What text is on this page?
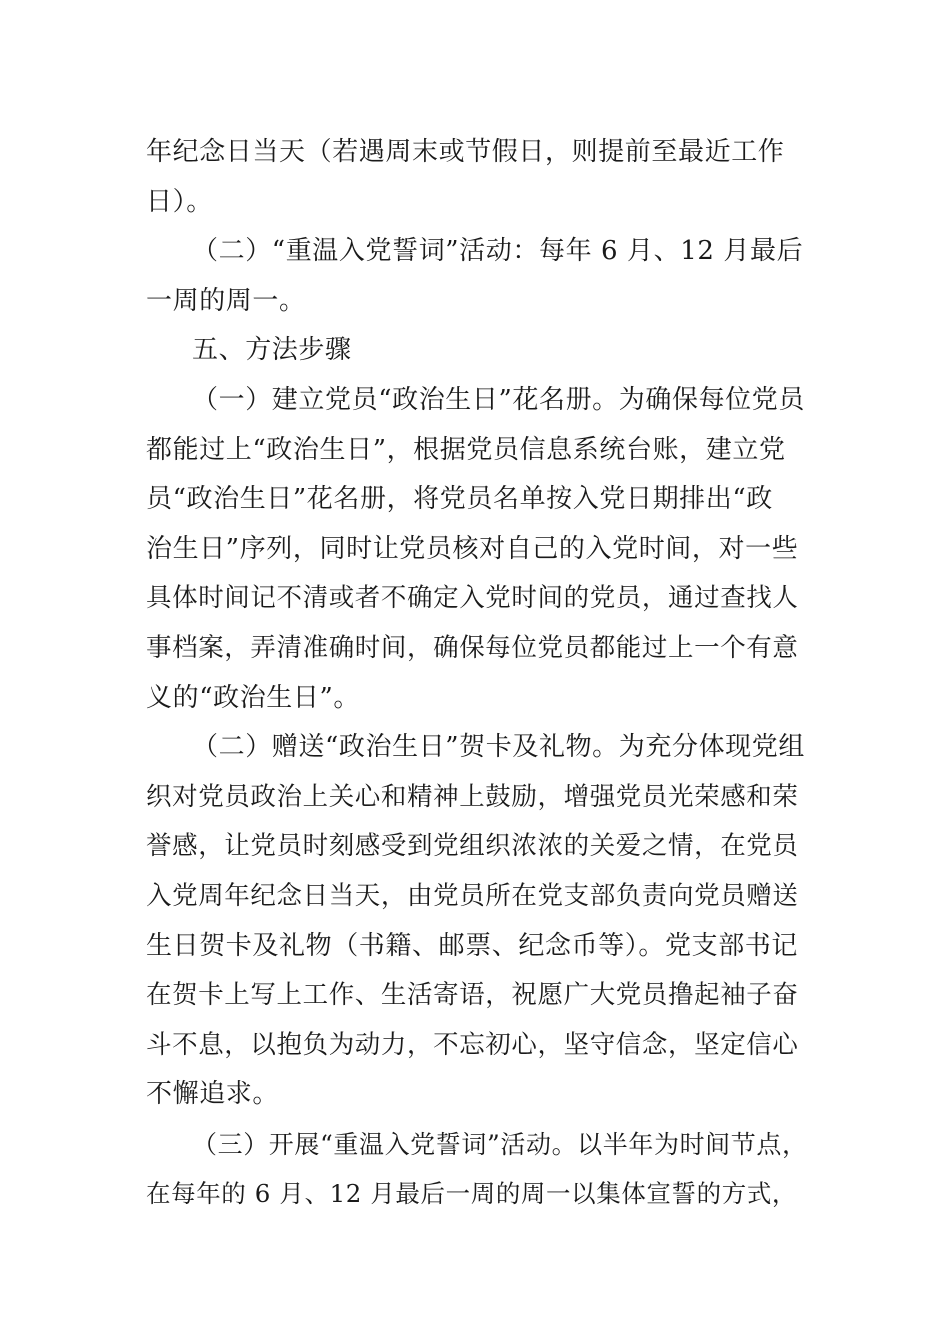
年纪念日当天（若遇周末或节假日，则提前至最近工作
日）。
（二）“重温入党誓词”活动：每年 6 月、12 月最后
一周的周一。
五、方法步骤
（一）建立党员“政治生日”花名册。为确保每位党员
都能过上“政治生日”，根据党员信息系统台账，建立党
员“政治生日”花名册，将党员名单按入党日期排出“政
治生日”序列，同时让党员核对自己的入党时间，对一些
具体时间记不清或者不确定入党时间的党员，通过查找人
事档案，弄清准确时间，确保每位党员都能过上一个有意
义的“政治生日”。
（二）赠送“政治生日”贺卡及礼物。为充分体现党组
织对党员政治上关心和精神上鼓励，增强党员光荣感和荣
誉感，让党员时刻感受到党组织浓浓的关爱之情，在党员
入党周年纪念日当天，由党员所在党支部负责向党员赠送
生日贺卡及礼物（书籍、邮票、纪念币等）。党支部书记
在贺卡上写上工作、生活寄语，祝愿广大党员撸起袖子奋
斗不息，以抱负为动力，不忘初心，坚守信念，坚定信心
不懈追求。
（三）开展“重温入党誓词”活动。以半年为时间节点，
在每年的 6 月、12 月最后一周的周一以集体宣誓的方式，
